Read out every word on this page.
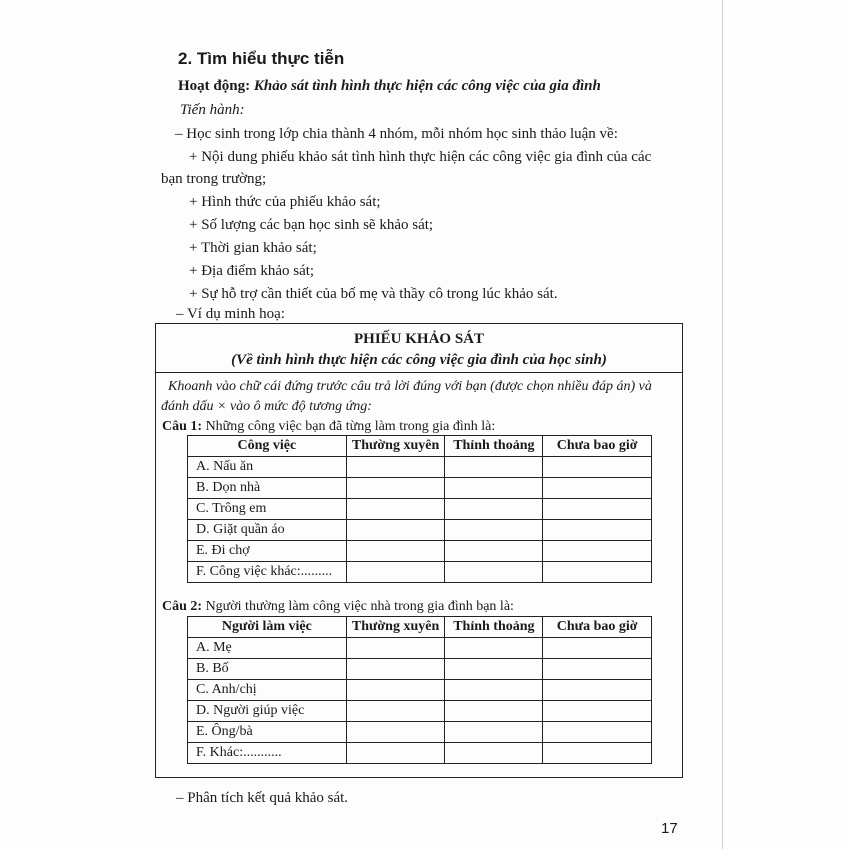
2. Tìm hiểu thực tiễn
Hoạt động: Khảo sát tình hình thực hiện các công việc của gia đình
Tiến hành:
– Học sinh trong lớp chia thành 4 nhóm, mỗi nhóm học sinh thảo luận về:
+ Nội dung phiếu khảo sát tình hình thực hiện các công việc gia đình của các
bạn trong trường;
+ Hình thức của phiếu khảo sát;
+ Số lượng các bạn học sinh sẽ khảo sát;
+ Thời gian khảo sát;
+ Địa điểm khảo sát;
+ Sự hỗ trợ cần thiết của bố mẹ và thầy cô trong lúc khảo sát.
– Ví dụ minh hoạ:
PHIẾU KHẢO SÁT
(Về tình hình thực hiện các công việc gia đình của học sinh)
Khoanh vào chữ cái đứng trước câu trả lời đúng với bạn (được chọn nhiều đáp án) và
đánh dấu × vào ô mức độ tương ứng:
Câu 1: Những công việc bạn đã từng làm trong gia đình là:
Công việc	Thường xuyên	Thỉnh thoảng	Chưa bao giờ
A. Nấu ăn			
B. Dọn nhà			
C. Trông em			
D. Giặt quần áo			
E. Đi chợ			
F. Công việc khác:.........			
Câu 2: Người thường làm công việc nhà trong gia đình bạn là:
Người làm việc	Thường xuyên	Thỉnh thoảng	Chưa bao giờ
A. Mẹ			
B. Bố			
C. Anh/chị			
D. Người giúp việc			
E. Ông/bà			
F. Khác:...........			
– Phân tích kết quả khảo sát.
17
